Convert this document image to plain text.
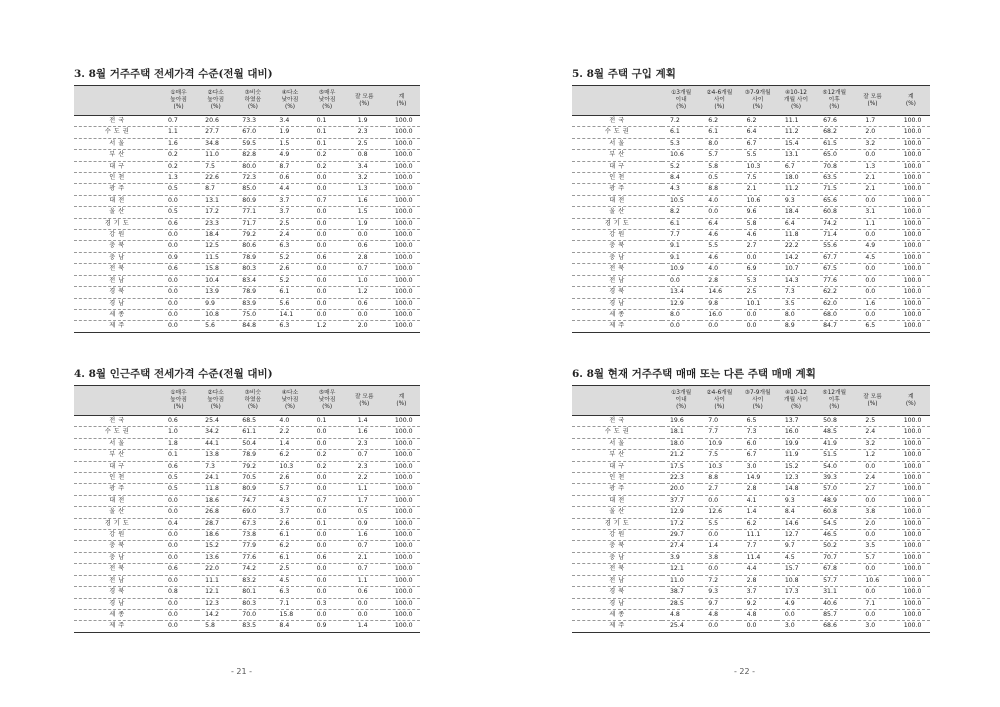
3. 8월 거주주택 전세가격 수준(전월 대비)

	①매우
높아짐
(%)	②다소
높아짐
(%)	③비슷
하였음
(%)	④다소
낮아짐
(%)	⑤매우
낮아짐
(%)	잘 모름
(%)	계
(%)

전 국	0.7	20.6	73.3	3.4	0.1	1.9	100.0
수 도 권	1.1	27.7	67.0	1.9	0.1	2.3	100.0
서 울	1.6	34.8	59.5	1.5	0.1	2.5	100.0
부 산	0.2	11.0	82.8	4.9	0.2	0.8	100.0
대 구	0.2	7.5	80.0	8.7	0.2	3.4	100.0
인 천	1.3	22.6	72.3	0.6	0.0	3.2	100.0
광 주	0.5	8.7	85.0	4.4	0.0	1.3	100.0
대 전	0.0	13.1	80.9	3.7	0.7	1.6	100.0
울 산	0.5	17.2	77.1	3.7	0.0	1.5	100.0
경 기 도	0.6	23.3	71.7	2.5	0.0	1.9	100.0
강 원	0.0	18.4	79.2	2.4	0.0	0.0	100.0
충 북	0.0	12.5	80.6	6.3	0.0	0.6	100.0
충 남	0.9	11.5	78.9	5.2	0.6	2.8	100.0
전 북	0.6	15.8	80.3	2.6	0.0	0.7	100.0
전 남	0.0	10.4	83.4	5.2	0.0	1.0	100.0
경 북	0.0	13.9	78.9	6.1	0.0	1.2	100.0
경 남	0.0	9.9	83.9	5.6	0.0	0.6	100.0
세 종	0.0	10.8	75.0	14.1	0.0	0.0	100.0
제 주	0.0	5.6	84.8	6.3	1.2	2.0	100.0
4. 8월 인근주택 전세가격 수준(전월 대비)

	①매우
높아짐
(%)	②다소
높아짐
(%)	③비슷
하였음
(%)	④다소
낮아짐
(%)	⑤매우
낮아짐
(%)	잘 모름
(%)	계
(%)

전 국	0.6	25.4	68.5	4.0	0.1	1.4	100.0
수 도 권	1.0	34.2	61.1	2.2	0.0	1.6	100.0
서 울	1.8	44.1	50.4	1.4	0.0	2.3	100.0
부 산	0.1	13.8	78.9	6.2	0.2	0.7	100.0
대 구	0.6	7.3	79.2	10.3	0.2	2.3	100.0
인 천	0.5	24.1	70.5	2.6	0.0	2.2	100.0
광 주	0.5	11.8	80.9	5.7	0.0	1.1	100.0
대 전	0.0	18.6	74.7	4.3	0.7	1.7	100.0
울 산	0.0	26.8	69.0	3.7	0.0	0.5	100.0
경 기 도	0.4	28.7	67.3	2.6	0.1	0.9	100.0
강 원	0.0	18.6	73.8	6.1	0.0	1.6	100.0
충 북	0.0	15.2	77.9	6.2	0.0	0.7	100.0
충 남	0.0	13.6	77.6	6.1	0.6	2.1	100.0
전 북	0.6	22.0	74.2	2.5	0.0	0.7	100.0
전 남	0.0	11.1	83.2	4.5	0.0	1.1	100.0
경 북	0.8	12.1	80.1	6.3	0.0	0.6	100.0
경 남	0.0	12.3	80.3	7.1	0.3	0.0	100.0
세 종	0.0	14.2	70.0	15.8	0.0	0.0	100.0
제 주	0.0	5.8	83.5	8.4	0.9	1.4	100.0
5. 8월 주택 구입 계획

	①3개월
이내
(%)	②4-6개월
사이
(%)	③7-9개월
사이
(%)	④10-12
개월 사이
(%)	⑤12개월
이후
(%)	잘 모름
(%)	계
(%)

전 국	7.2	6.2	6.2	11.1	67.6	1.7	100.0
수 도 권	6.1	6.1	6.4	11.2	68.2	2.0	100.0
서 울	5.3	8.0	6.7	15.4	61.5	3.2	100.0
부 산	10.6	5.7	5.5	13.1	65.0	0.0	100.0
대 구	5.2	5.8	10.3	6.7	70.8	1.3	100.0
인 천	8.4	0.5	7.5	18.0	63.5	2.1	100.0
광 주	4.3	8.8	2.1	11.2	71.5	2.1	100.0
대 전	10.5	4.0	10.6	9.3	65.6	0.0	100.0
울 산	8.2	0.0	9.6	18.4	60.8	3.1	100.0
경 기 도	6.1	6.4	5.8	6.4	74.2	1.1	100.0
강 원	7.7	4.6	4.6	11.8	71.4	0.0	100.0
충 북	9.1	5.5	2.7	22.2	55.6	4.9	100.0
충 남	9.1	4.6	0.0	14.2	67.7	4.5	100.0
전 북	10.9	4.0	6.9	10.7	67.5	0.0	100.0
전 남	0.0	2.8	5.3	14.3	77.6	0.0	100.0
경 북	13.4	14.6	2.5	7.3	62.2	0.0	100.0
경 남	12.9	9.8	10.1	3.5	62.0	1.6	100.0
세 종	8.0	16.0	0.0	8.0	68.0	0.0	100.0
제 주	0.0	0.0	0.0	8.9	84.7	6.5	100.0
6. 8월 현재 거주주택 매매 또는 다른 주택 매매 계획

	①3개월
이내
(%)	②4-6개월
사이
(%)	③7-9개월
사이
(%)	④10-12
개월 사이
(%)	⑤12개월
이후
(%)	잘 모름
(%)	계
(%)

전 국	19.6	7.0	6.5	13.7	50.8	2.5	100.0
수 도 권	18.1	7.7	7.3	16.0	48.5	2.4	100.0
서 울	18.0	10.9	6.0	19.9	41.9	3.2	100.0
부 산	21.2	7.5	6.7	11.9	51.5	1.2	100.0
대 구	17.5	10.3	3.0	15.2	54.0	0.0	100.0
인 천	22.3	8.8	14.9	12.3	39.3	2.4	100.0
광 주	20.0	2.7	2.8	14.8	57.0	2.7	100.0
대 전	37.7	0.0	4.1	9.3	48.9	0.0	100.0
울 산	12.9	12.6	1.4	8.4	60.8	3.8	100.0
경 기 도	17.2	5.5	6.2	14.6	54.5	2.0	100.0
강 원	29.7	0.0	11.1	12.7	46.5	0.0	100.0
충 북	27.4	1.4	7.7	9.7	50.2	3.5	100.0
충 남	3.9	3.8	11.4	4.5	70.7	5.7	100.0
전 북	12.1	0.0	4.4	15.7	67.8	0.0	100.0
전 남	11.0	7.2	2.8	10.8	57.7	10.6	100.0
경 북	38.7	9.3	3.7	17.3	31.1	0.0	100.0
경 남	28.5	9.7	9.2	4.9	40.6	7.1	100.0
세 종	4.8	4.8	4.8	0.0	85.7	0.0	100.0
제 주	25.4	0.0	0.0	3.0	68.6	3.0	100.0
- 21 -	- 22 -
